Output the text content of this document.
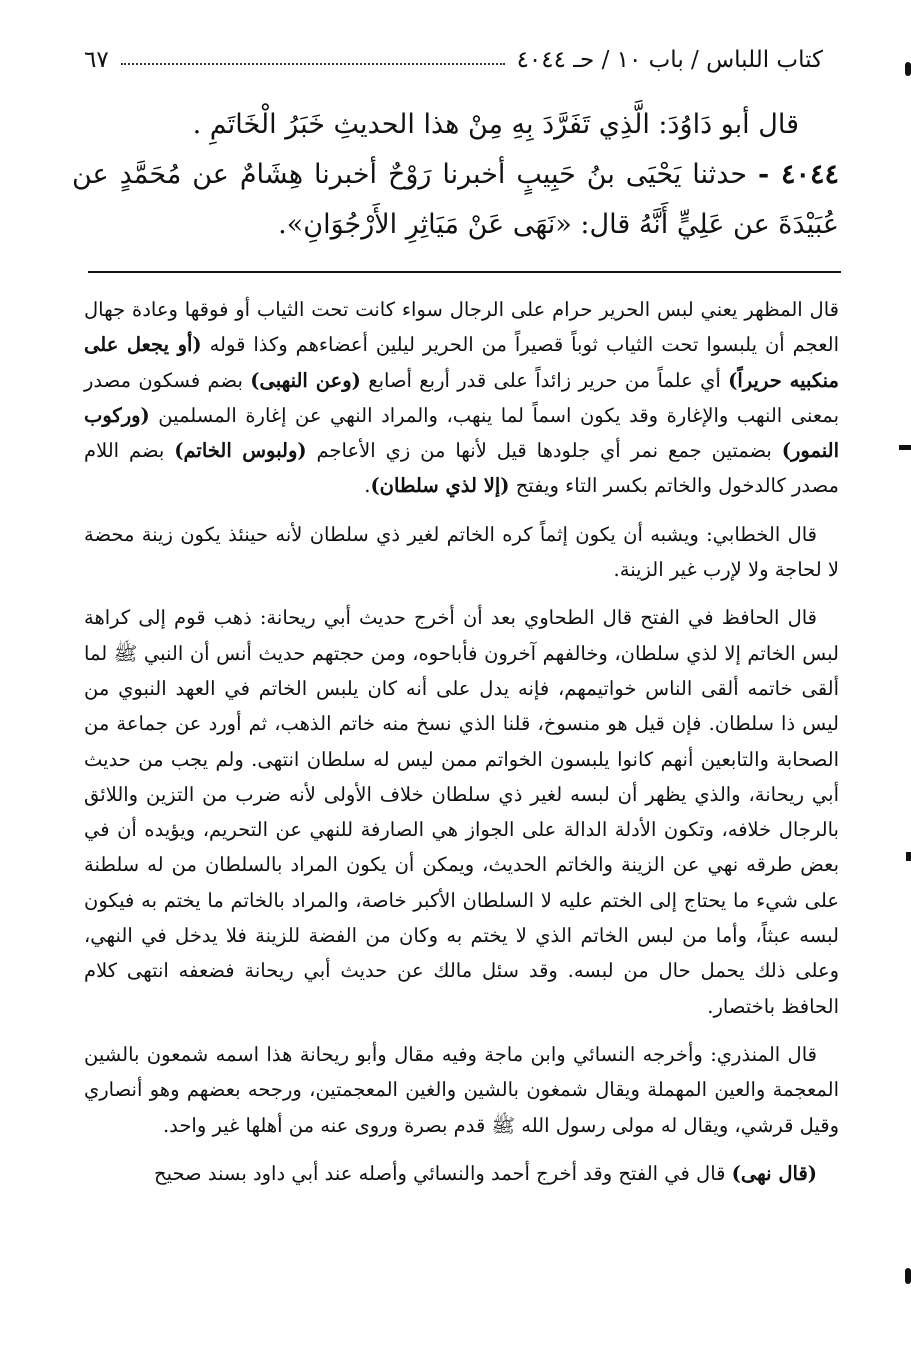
كتاب اللباس / باب ١٠ / حـ ٤٠٤٤
٦٧

قال أبو دَاوُدَ: الَّذِي تَفَرَّدَ بِهِ مِنْ هذا الحديثِ خَبَرُ الْخَاتَمِ .

٤٠٤٤ - حدثنا يَحْيَى بنُ حَبِيبٍ أخبرنا رَوْحٌ أخبرنا هِشَامٌ عن مُحَمَّدٍ عن عُبَيْدَةَ عن عَلِيٍّ أَنَّهُ قال: «نَهَى عَنْ مَيَاثِرِ الأَرْجُوَانِ».

قال المظهر يعني لبس الحرير حرام على الرجال سواء كانت تحت الثياب أو فوقها وعادة جهال العجم أن يلبسوا تحت الثياب ثوباً قصيراً من الحرير ليلين أعضاءهم وكذا قوله (أو يجعل على منكبيه حريراً) أي علماً من حرير زائداً على قدر أربع أصابع (وعن النهبى) بضم فسكون مصدر بمعنى النهب والإغارة وقد يكون اسماً لما ينهب، والمراد النهي عن إغارة المسلمين (وركوب النمور) بضمتين جمع نمر أي جلودها قيل لأنها من زي الأعاجم (ولبوس الخاتم) بضم اللام مصدر كالدخول والخاتم بكسر التاء ويفتح (إلا لذي سلطان).

قال الخطابي: ويشبه أن يكون إثماً كره الخاتم لغير ذي سلطان لأنه حينئذ يكون زينة محضة لا لحاجة ولا لإرب غير الزينة.

قال الحافظ في الفتح قال الطحاوي بعد أن أخرج حديث أبي ريحانة: ذهب قوم إلى كراهة لبس الخاتم إلا لذي سلطان، وخالفهم آخرون فأباحوه، ومن حجتهم حديث أنس أن النبي ﷺ لما ألقى خاتمه ألقى الناس خواتيمهم، فإنه يدل على أنه كان يلبس الخاتم في العهد النبوي من ليس ذا سلطان. فإن قيل هو منسوخ، قلنا الذي نسخ منه خاتم الذهب، ثم أورد عن جماعة من الصحابة والتابعين أنهم كانوا يلبسون الخواتم ممن ليس له سلطان انتهى. ولم يجب من حديث أبي ريحانة، والذي يظهر أن لبسه لغير ذي سلطان خلاف الأولى لأنه ضرب من التزين واللائق بالرجال خلافه، وتكون الأدلة الدالة على الجواز هي الصارفة للنهي عن التحريم، ويؤيده أن في بعض طرقه نهي عن الزينة والخاتم الحديث، ويمكن أن يكون المراد بالسلطان من له سلطنة على شيء ما يحتاج إلى الختم عليه لا السلطان الأكبر خاصة، والمراد بالخاتم ما يختم به فيكون لبسه عبثاً، وأما من لبس الخاتم الذي لا يختم به وكان من الفضة للزينة فلا يدخل في النهي، وعلى ذلك يحمل حال من لبسه. وقد سئل مالك عن حديث أبي ريحانة فضعفه انتهى كلام الحافظ باختصار.

قال المنذري: وأخرجه النسائي وابن ماجة وفيه مقال وأبو ريحانة هذا اسمه شمعون بالشين المعجمة والعين المهملة ويقال شمغون بالشين والغين المعجمتين، ورجحه بعضهم وهو أنصاري وقيل قرشي، ويقال له مولى رسول الله ﷺ قدم بصرة وروى عنه من أهلها غير واحد.

(قال نهى) قال في الفتح وقد أخرج أحمد والنسائي وأصله عند أبي داود بسند صحيح
